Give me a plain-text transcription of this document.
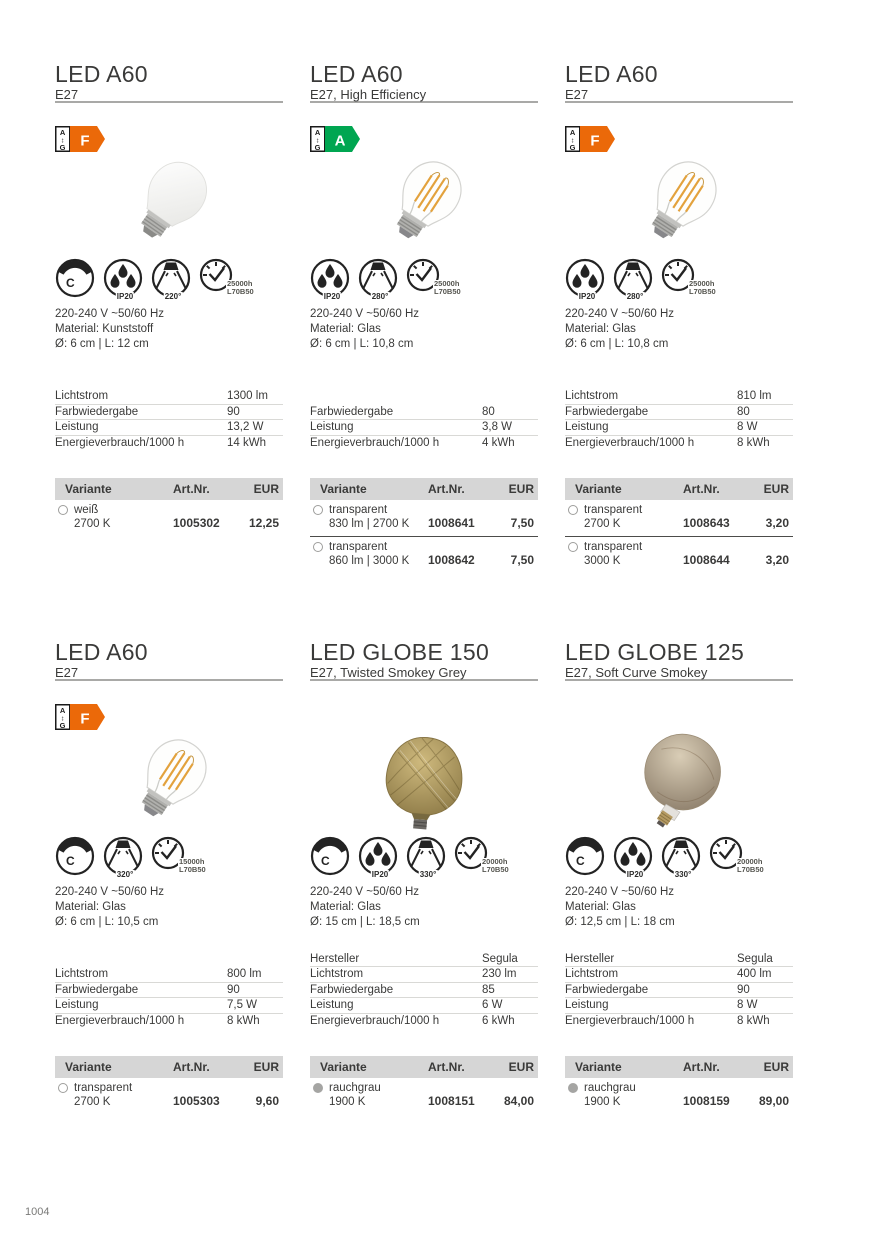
LED A60
E27
A
↕
G F
C
IP20	220°
25000h
L70B50
220-240 V ~50/60 Hz
Material: Kunststoff
Ø: 6 cm | L: 12 cm
Lichtstrom	1300 lm
Farbwiedergabe	90
Leistung	13,2 W
Energieverbrauch/1000 h	14 kWh
Variante	Art.Nr.	EUR
weiß
2700 K	1005302	12,25
LED A60
E27, High Efficiency
A
↕
G A
IP20	280°
25000h
L70B50
220-240 V ~50/60 Hz
Material: Glas
Ø: 6 cm | L: 10,8 cm
Farbwiedergabe	80
Leistung	3,8 W
Energieverbrauch/1000 h	4 kWh
Variante	Art.Nr.	EUR
transparent
830 lm | 2700 K 1008641	7,50
transparent
860 lm | 3000 K 1008642	7,50
LED A60
E27
A
↕
G F
IP20	280°
25000h
L70B50
220-240 V ~50/60 Hz
Material: Glas
Ø: 6 cm | L: 10,8 cm
Lichtstrom	810 lm
Farbwiedergabe	80
Leistung	8 W
Energieverbrauch/1000 h	8 kWh
Variante	Art.Nr.	EUR
transparent
2700 K	1008643	3,20
transparent
3000 K	1008644	3,20
LED A60
E27
A
↕
G F
C
320°
15000h
L70B50
220-240 V ~50/60 Hz
Material: Glas
Ø: 6 cm | L: 10,5 cm
Lichtstrom	800 lm
Farbwiedergabe	90
Leistung	7,5 W
Energieverbrauch/1000 h	8 kWh
Variante	Art.Nr.	EUR
transparent
2700 K	1005303	9,60
LED GLOBE 150
E27, Twisted Smokey Grey
C
IP20	330°
20000h
L70B50
220-240 V ~50/60 Hz
Material: Glas
Ø: 15 cm | L: 18,5 cm
Hersteller	Segula
Lichtstrom	230 lm
Farbwiedergabe	85
Leistung	6 W
Energieverbrauch/1000 h	6 kWh
Variante	Art.Nr.	EUR
rauchgrau
1900 K	1008151	84,00
LED GLOBE 125
E27, Soft Curve Smokey
C
IP20	330°
20000h
L70B50
220-240 V ~50/60 Hz
Material: Glas
Ø: 12,5 cm | L: 18 cm
Hersteller	Segula
Lichtstrom	400 lm
Farbwiedergabe	90
Leistung	8 W
Energieverbrauch/1000 h	8 kWh
Variante	Art.Nr.	EUR
rauchgrau
1900 K	1008159	89,00
1004
